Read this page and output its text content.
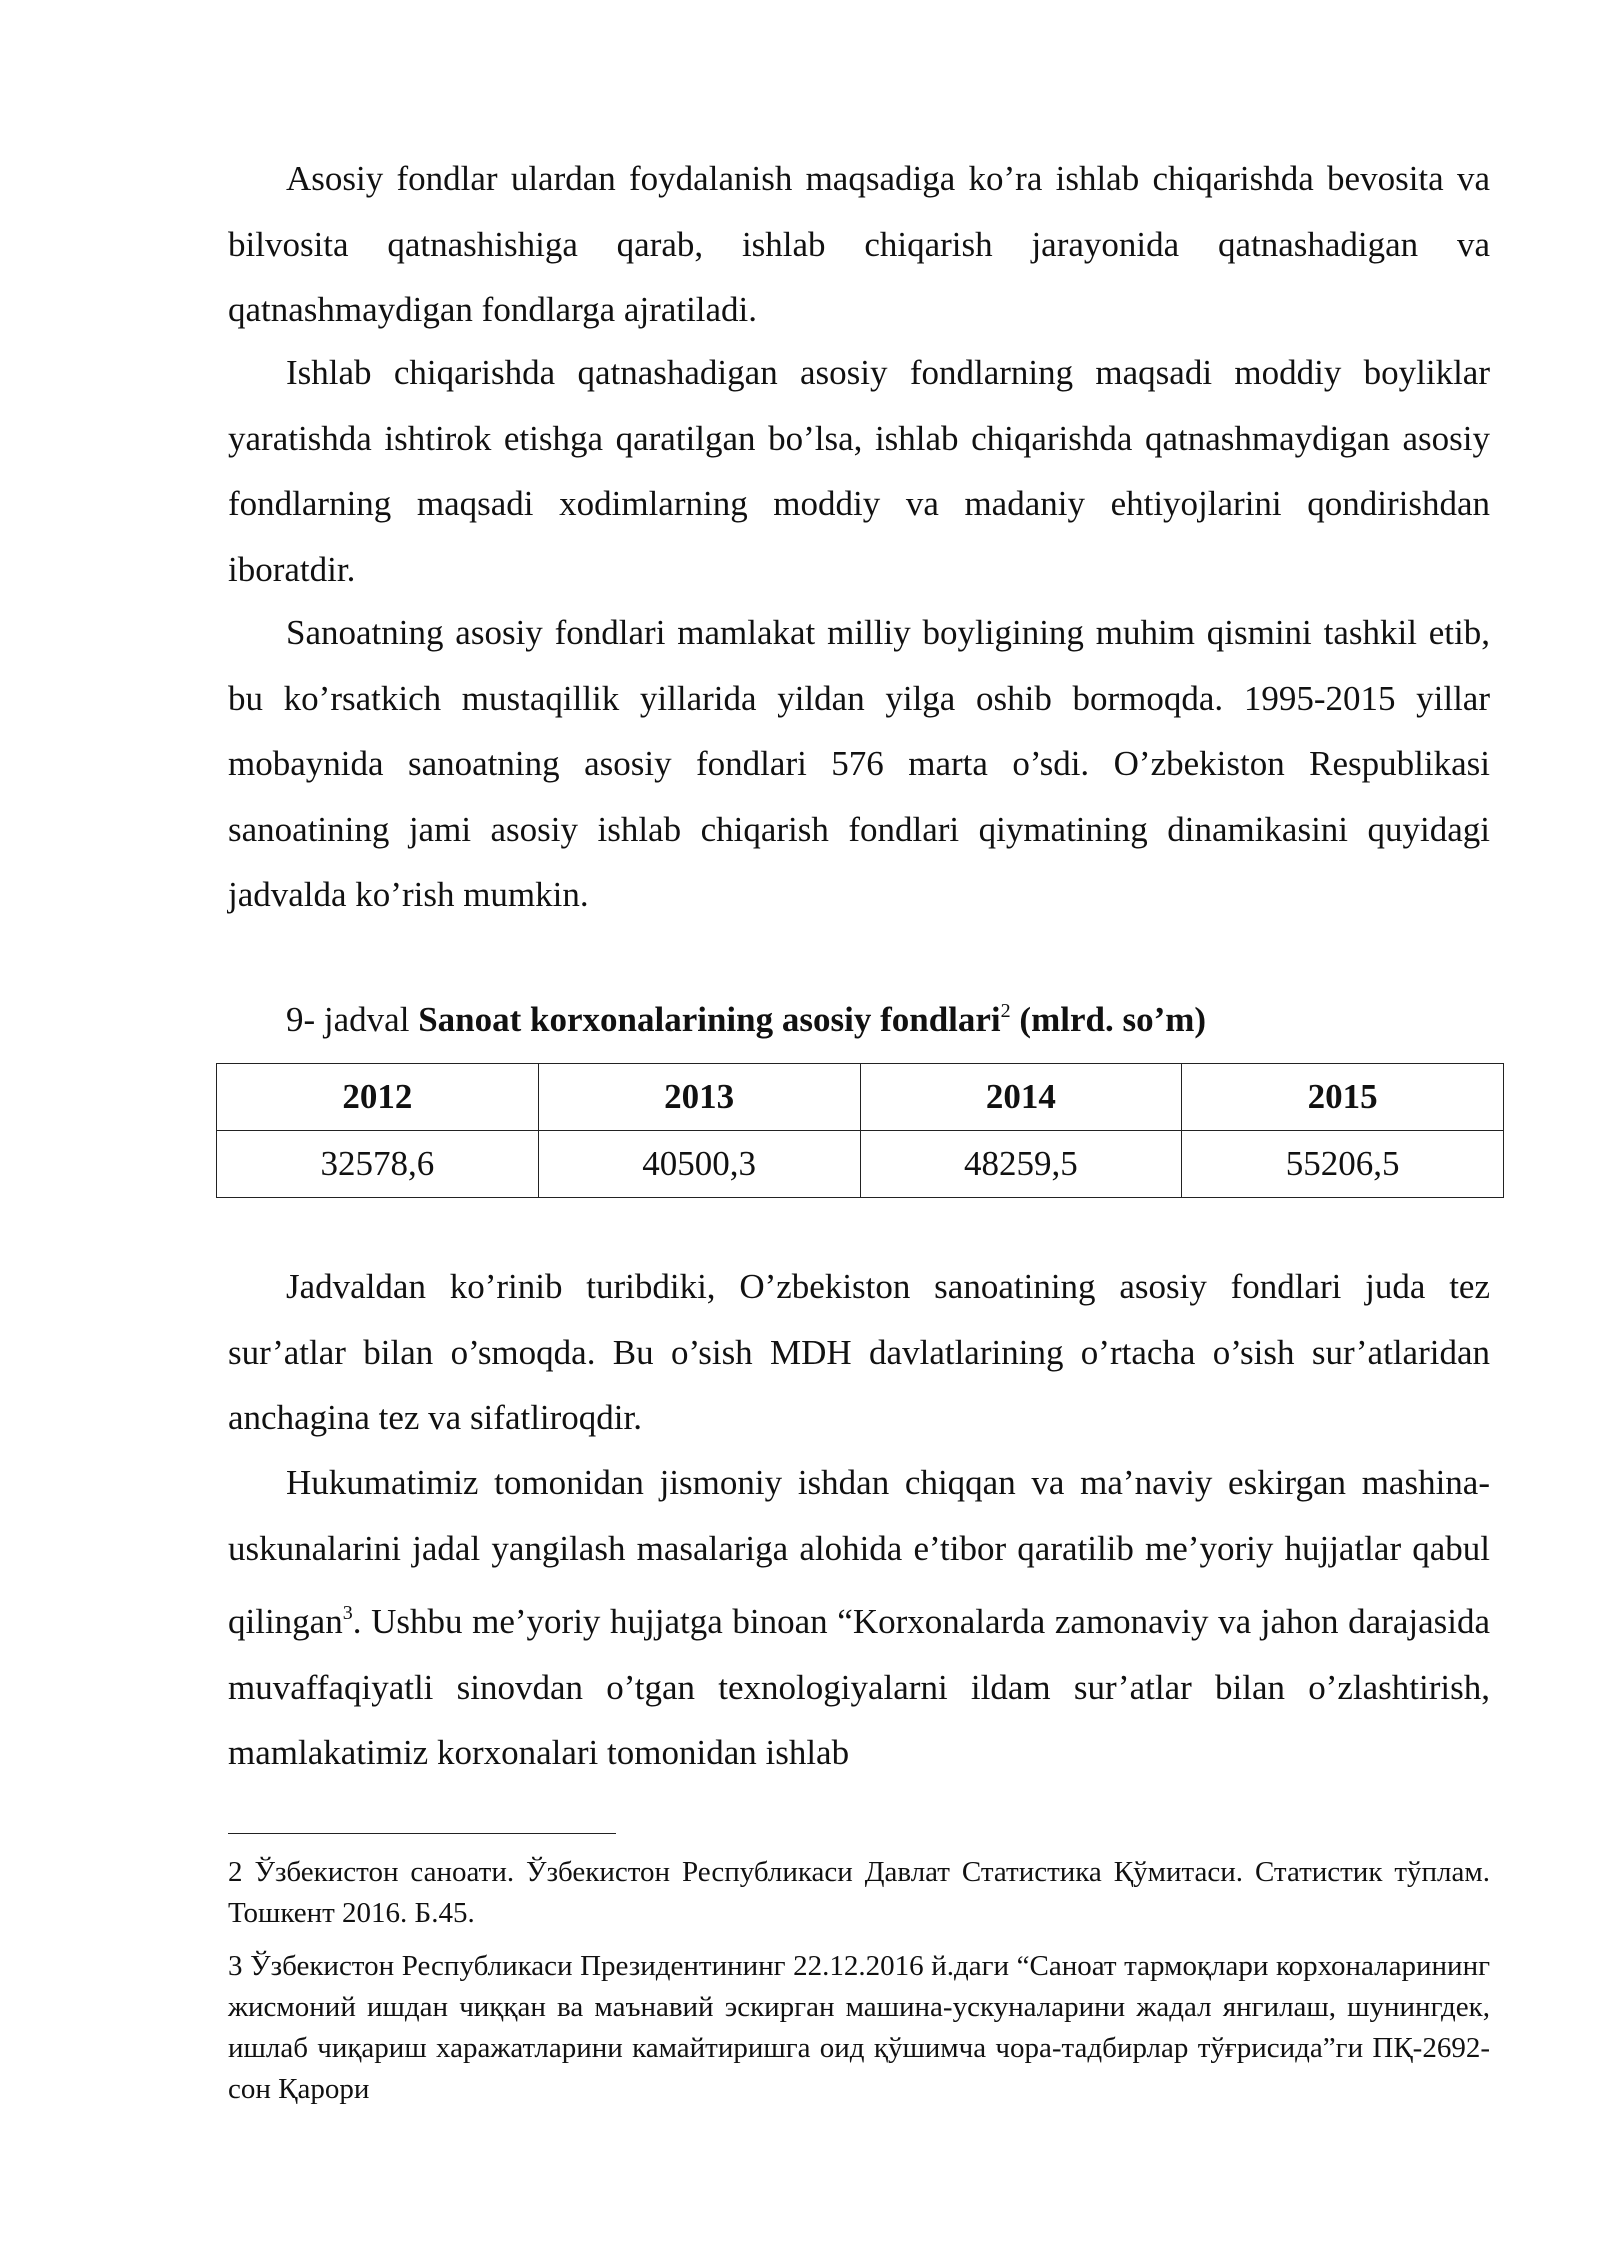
Asosiy fondlar ulardan foydalanish maqsadiga ko’ra ishlab chiqarishda bevosita va bilvosita qatnashishiga qarab, ishlab chiqarish jarayonida qatnashadigan va qatnashmaydigan fondlarga ajratiladi.

Ishlab chiqarishda qatnashadigan asosiy fondlarning maqsadi moddiy boyliklar yaratishda ishtirok etishga qaratilgan bo’lsa, ishlab chiqarishda qatnashmaydigan asosiy fondlarning maqsadi xodimlarning moddiy va madaniy ehtiyojlarini qondirishdan iboratdir.

Sanoatning asosiy fondlari mamlakat milliy boyligining muhim qismini tashkil etib, bu ko’rsatkich mustaqillik yillarida yildan yilga oshib bormoqda. 1995-2015 yillar mobaynida sanoatning asosiy fondlari 576 marta o’sdi. O’zbekiston Respublikasi sanoatining jami asosiy ishlab chiqarish fondlari qiymatining dinamikasini quyidagi jadvalda ko’rish mumkin.

9- jadval Sanoat korxonalarining asosiy fondlari$^2$ (mlrd. so’m)
2012	2013	2014	2015
32578,6	40500,3	48259,5	55206,5

Jadvaldan ko’rinib turibdiki, O’zbekiston sanoatining asosiy fondlari juda tez sur’atlar bilan o’smoqda. Bu o’sish MDH davlatlarining o’rtacha o’sish sur’atlaridan anchagina tez va sifatliroqdir.

Hukumatimiz tomonidan jismoniy ishdan chiqqan va ma’naviy eskirgan mashina-uskunalarini jadal yangilash masalariga alohida e’tibor qaratilib me’yoriy hujjatlar qabul qilingan$^3$. Ushbu me’yoriy hujjatga binoan “Korxonalarda zamonaviy va jahon darajasida muvaffaqiyatli sinovdan o’tgan texnologiyalarni ildam sur’atlar bilan o’zlashtirish, mamlakatimiz korxonalari tomonidan ishlab

2 Ўзбекистон саноати. Ўзбекистон Республикаси Давлат Статистика Қўмитаси. Статистик тўплам. Тошкент 2016. Б.45.

3 Ўзбекистон Республикаси Президентининг 22.12.2016 й.даги “Саноат тармоқлари корхоналарининг жисмоний ишдан чиққан ва маънавий эскирган машина-ускуналарини жадал янгилаш, шунингдек, ишлаб чиқариш харажатларини камайтиришга оид қўшимча чора-тадбирлар тўғрисида”ги ПҚ-2692-сон Қарори
